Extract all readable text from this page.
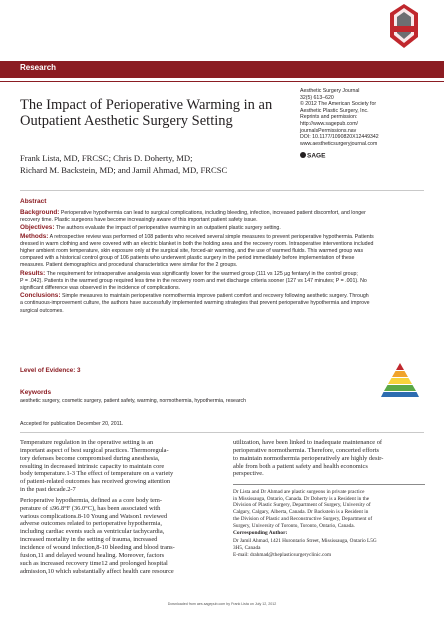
Research
The Impact of Perioperative Warming in an
Outpatient Aesthetic Surgery Setting
Frank Lista, MD, FRCSC; Chris D. Doherty, MD;
Richard M. Backstein, MD; and Jamil Ahmad, MD, FRCSC
Aesthetic Surgery Journal
32(5) 613–620
© 2012 The American Society for
Aesthetic Plastic Surgery, Inc.
Reprints and permission:
http://www.sagepub.com/
journalsPermissions.nav
DOI: 10.1177/1090820X12449342
www.aestheticsurgeryjournal.com
SAGE
Abstract
Background: Perioperative hypothermia can lead to surgical complications, including bleeding, infection, increased patient discomfort, and longer
recovery time. Plastic surgeons have become increasingly aware of this important patient safety issue.
Objectives: The authors evaluate the impact of perioperative warming in an outpatient plastic surgery setting.
Methods: A retrospective review was performed of 108 patients who received several simple measures to prevent perioperative hypothermia. Patients
dressed in warm clothing and were covered with an electric blanket in both the holding area and the recovery room. Intraoperative interventions included
higher ambient room temperature, skin exposure only at the surgical site, forced-air warming, and the use of warmed fluids. This warmed group was
compared with a historical control group of 106 patients who underwent plastic surgery in the period immediately before implementation of these
measures. Patient demographics and procedural characteristics were similar for the 2 groups.
Results: The requirement for intraoperative analgesia was significantly lower for the warmed group (111 vs 125 μg fentanyl in the control group;
P = .042). Patients in the warmed group required less time in the recovery room and met discharge criteria sooner (127 vs 147 minutes; P = .001). No
significant difference was observed in the incidence of complications.
Conclusions: Simple measures to maintain perioperative normothermia improve patient comfort and recovery following aesthetic surgery. Through
a continuous-improvement culture, the authors have successfully implemented warming strategies that prevent perioperative hypothermia and improve
surgical outcomes.
Level of Evidence: 3
Keywords
aesthetic surgery, cosmetic surgery, patient safety, warming, normothermia, hypothermia, research
Accepted for publication December 20, 2011.
Temperature regulation in the operative setting is an
important aspect of best surgical practices. Thermoregula-
tory defenses become compromised during anesthesia,
resulting in decreased intrinsic capacity to maintain core
body temperature.1-3 The effect of temperature on a variety
of patient-related outcomes has received growing attention
in the past decade.2-7
Perioperative hypothermia, defined as a core body tem-
perature of ≤96.8°F (36.0°C), has been associated with
various complications.8-10 Young and Watson1 reviewed
adverse outcomes related to perioperative hypothermia,
including cardiac events such as ventricular tachycardia,
increased mortality in the setting of trauma, increased
incidence of wound infection,8-10 bleeding and blood trans-
fusion,11 and delayed wound healing. Moreover, factors
such as increased recovery time12 and prolonged hospital
admission,10 which substantially affect health care resource
utilization, have been linked to inadequate maintenance of
perioperative normothermia. Therefore, concerted efforts
to maintain normothermia perioperatively are highly desir-
able from both a patient safety and health economics
perspective.
Dr Lista and Dr Ahmad are plastic surgeons in private practice
in Mississauga, Ontario, Canada. Dr Doherty is a Resident in the
Division of Plastic Surgery, Department of Surgery, University of
Calgary, Calgary, Alberta, Canada. Dr Backstein is a Resident in
the Division of Plastic and Reconstructive Surgery, Department of
Surgery, University of Toronto, Toronto, Ontario, Canada.
Corresponding Author:
Dr Jamil Ahmad, 1421 Hurontario Street, Mississauga, Ontario L5G
3H5, Canada
E-mail: drahmad@theplasticsurgeryclinic.com
Downloaded from aes.sagepub.com by Frank Lista on July 12, 2012
